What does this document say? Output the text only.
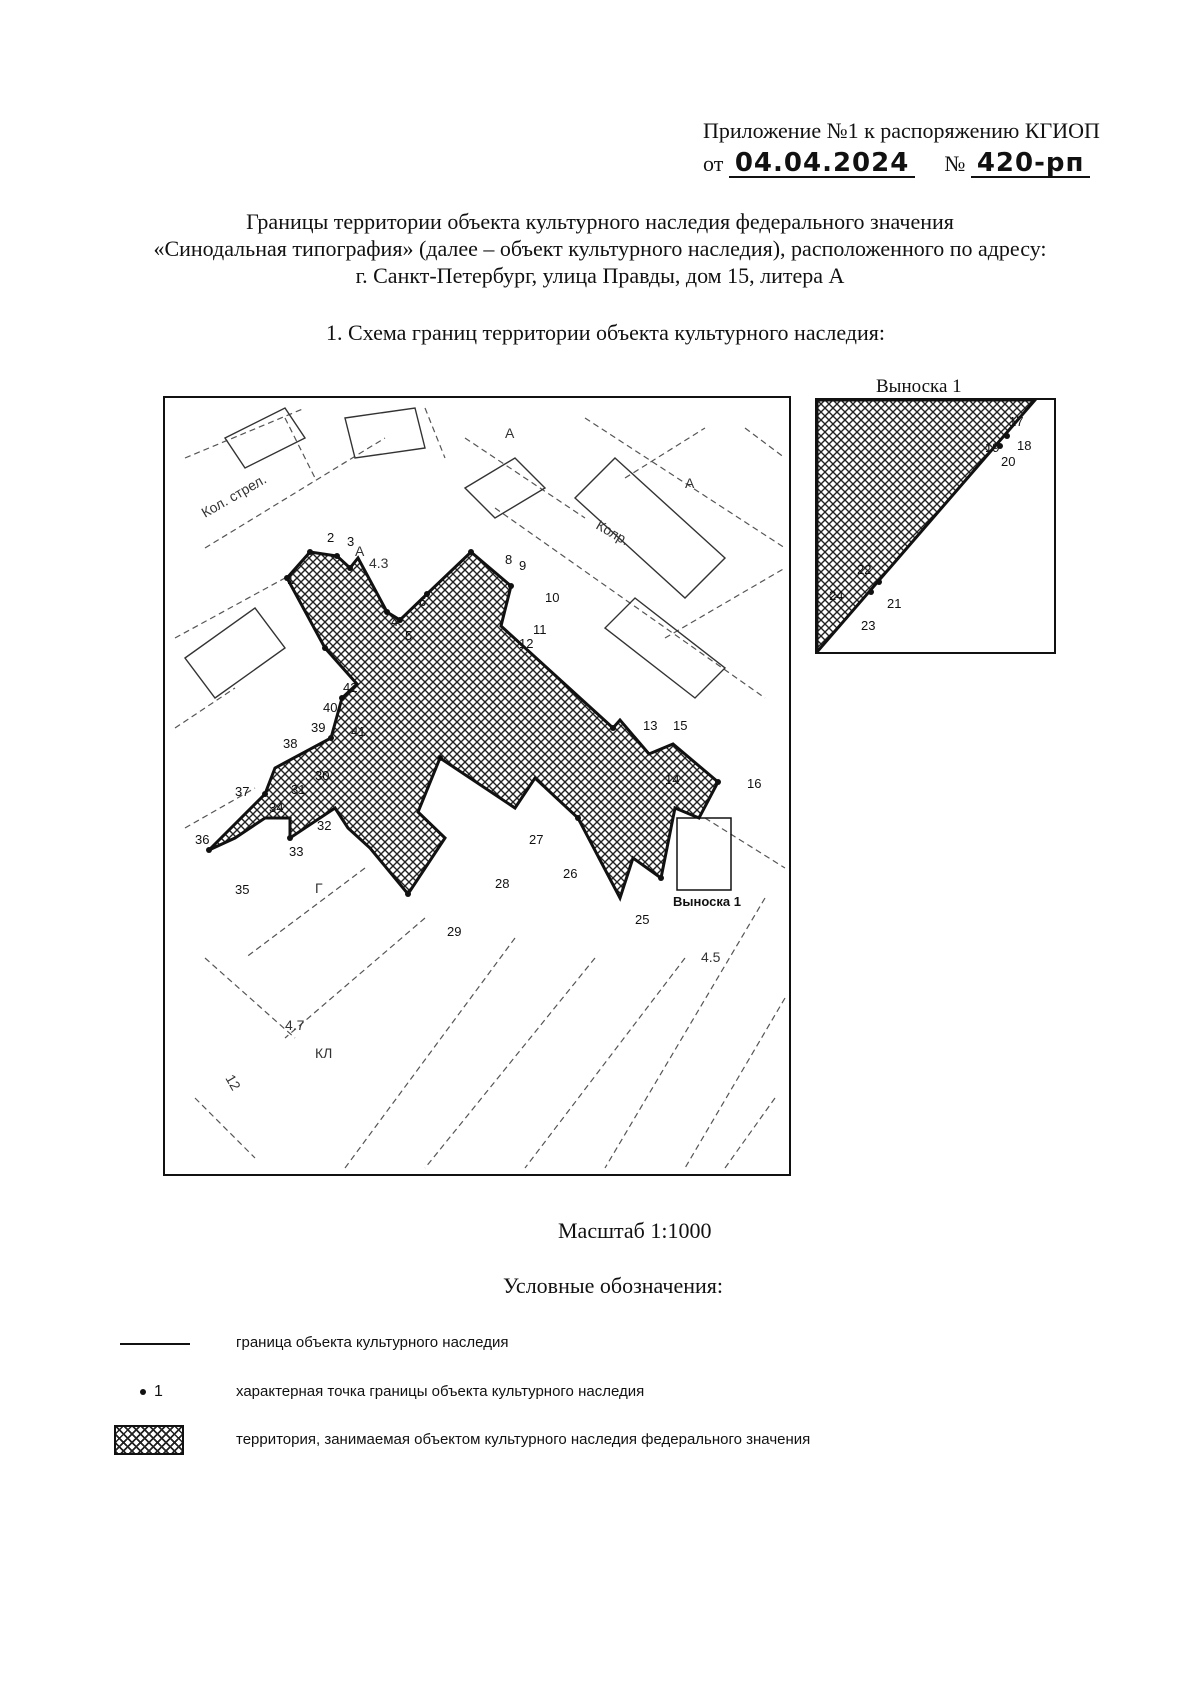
Приложение №1 к распоряжению КГИОП
от 04.04.2024 № 420-рп
Границы территории объекта культурного наследия федерального значения
«Синодальная типография» (далее – объект культурного наследия), расположенного по адресу:
г. Санкт-Петербург, улица Правды, дом 15, литера А
1. Схема границ территории объекта культурного наследия:
1
2 3
4
5
6
8 9
10
11
12
13
14
15
16
25
26
27
28
29
30
31
32
33
34
35
36
37
38
39
40
41
42
Кол. стрел.
Колр.
А
А
А
Г
4.3
4.5
4.7
КЛ
12
Выноска 1
Выноска 1
17
18
19
20
21
22
23
24
Масштаб 1:1000
Условные обозначения:
граница объекта культурного наследия
1	характерная точка границы объекта культурного наследия
территория, занимаемая объектом культурного наследия федерального значения
